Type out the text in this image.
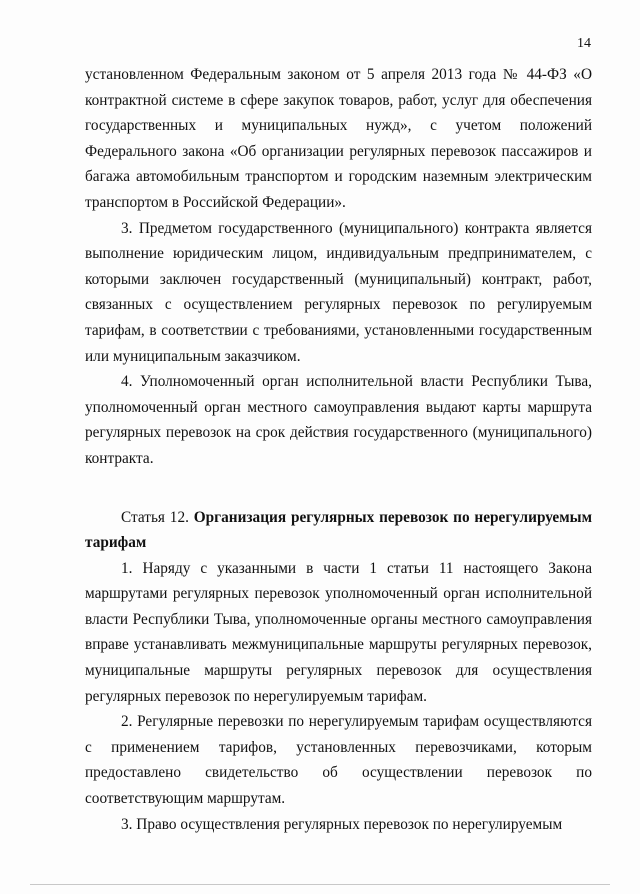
14

установленном Федеральным законом от 5 апреля 2013 года № 44-ФЗ «О контрактной системе в сфере закупок товаров, работ, услуг для обеспечения государственных и муниципальных нужд», с учетом положений Федерального закона «Об организации регулярных перевозок пассажиров и багажа автомобильным транспортом и городским наземным электрическим транспортом в Российской Федерации».

3. Предметом государственного (муниципального) контракта является выполнение юридическим лицом, индивидуальным предпринимателем, с которыми заключен государственный (муниципальный) контракт, работ, связанных с осуществлением регулярных перевозок по регулируемым тарифам, в соответствии с требованиями, установленными государственным или муниципальным заказчиком.

4. Уполномоченный орган исполнительной власти Республики Тыва, уполномоченный орган местного самоуправления выдают карты маршрута регулярных перевозок на срок действия государственного (муниципального) контракта.

Статья 12. Организация регулярных перевозок по нерегулируемым тарифам

1. Наряду с указанными в части 1 статьи 11 настоящего Закона маршрутами регулярных перевозок уполномоченный орган исполнительной власти Республики Тыва, уполномоченные органы местного самоуправления вправе устанавливать межмуниципальные маршруты регулярных перевозок, муниципальные маршруты регулярных перевозок для осуществления регулярных перевозок по нерегулируемым тарифам.

2. Регулярные перевозки по нерегулируемым тарифам осуществляются с применением тарифов, установленных перевозчиками, которым предоставлено свидетельство об осуществлении перевозок по соответствующим маршрутам.

3. Право осуществления регулярных перевозок по нерегулируемым
